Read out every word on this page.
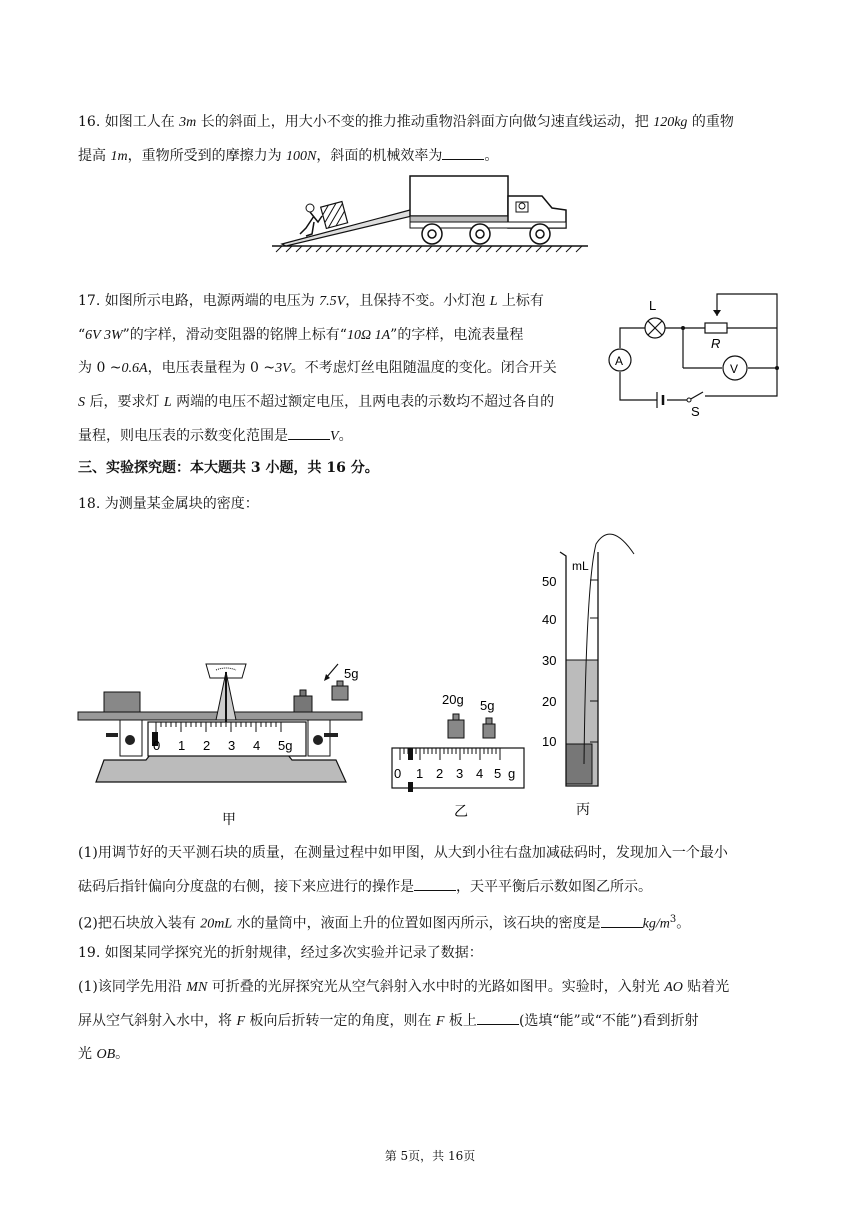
16. 如图工人在 3m 长的斜面上，用大小不变的推力推动重物沿斜面方向做匀速直线运动，把 120kg 的重物
提高 1m，重物所受到的摩擦力为 100N，斜面的机械效率为	。
17. 如图所示电路，电源两端的电压为 7.5V，且保持不变。小灯泡 L 上标有
“6V 3W”的字样，滑动变阻器的铭牌上标有“10Ω 1A”的字样，电流表量程
为 0 ~0.6A，电压表量程为 0 ~3V。不考虑灯丝电阻随温度的变化。闭合开关
S 后，要求灯 L 两端的电压不超过额定电压，且两电表的示数均不超过各自的
量程，则电压表的示数变化范围是	V。
L
R
A
V
S
三、实验探究题：本大题共 3 小题，共 16 分。
18. 为测量某金属块的密度：
0 1 2 3 4 5g
5g
甲
20g 5g
0 1 2 3 4 5 g
乙
mL
50
40
30
20
10
丙
(1)用调节好的天平测石块的质量，在测量过程中如甲图，从大到小往右盘加减砝码时，发现加入一个最小
砝码后指针偏向分度盘的右侧，接下来应进行的操作是	，天平平衡后示数如图乙所示。
(2)把石块放入装有 20mL 水的量筒中，液面上升的位置如图丙所示，该石块的密度是	$kg/m^3$。
19. 如图某同学探究光的折射规律，经过多次实验并记录了数据：
(1)该同学先用沿 MN 可折叠的光屏探究光从空气斜射入水中时的光路如图甲。实验时，入射光 AO 贴着光
屏从空气斜射入水中，将 F 板向后折转一定的角度，则在 F 板上	(选填“能”或“不能”)看到折射
光 OB。
第 5页，共 16页
